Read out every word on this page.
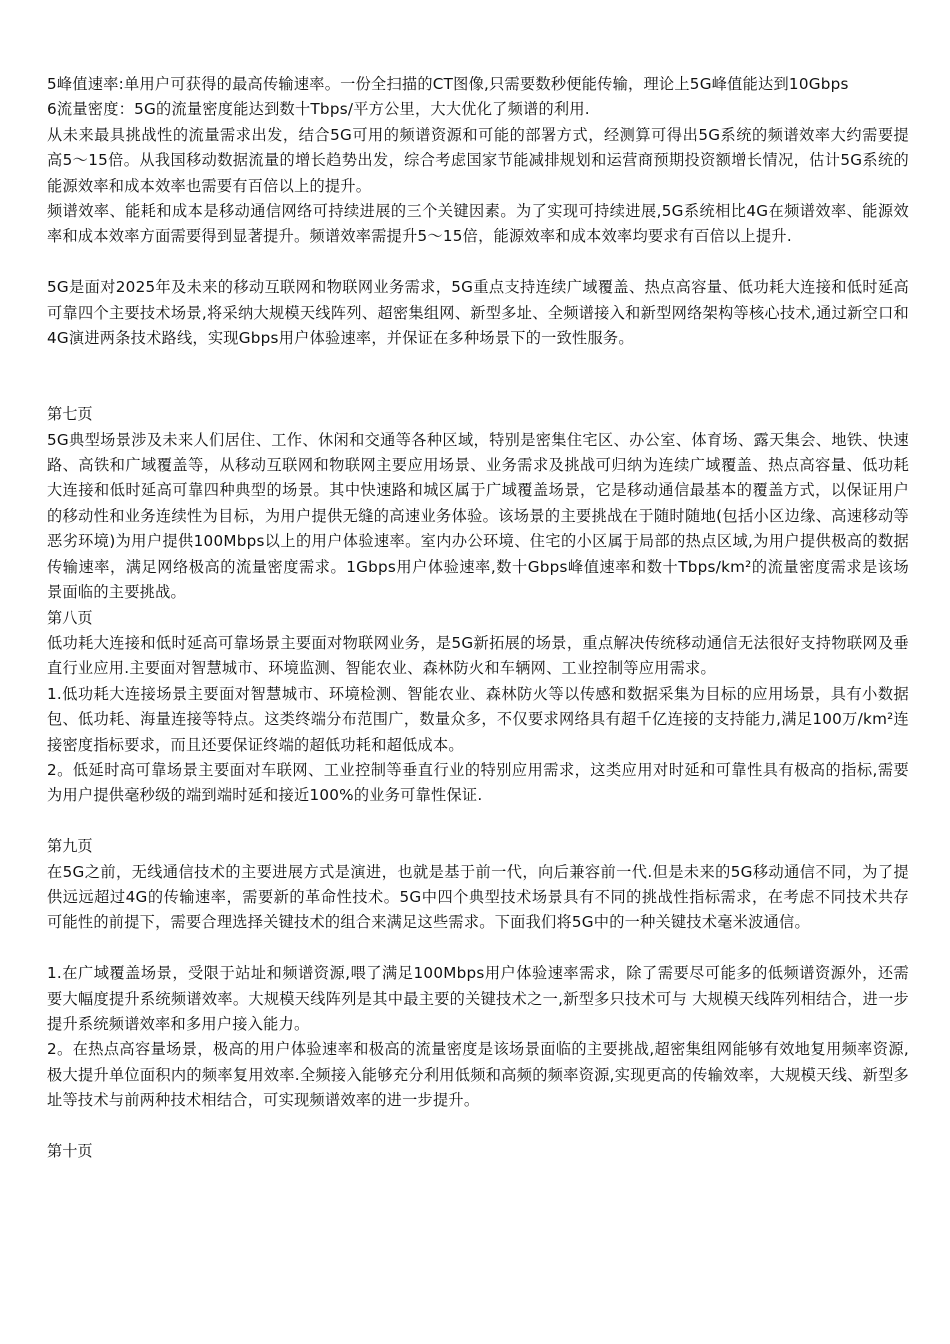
5峰值速率:单用户可获得的最高传输速率。一份全扫描的CT图像,只需要数秒便能传输，理论上5G峰值能达到10Gbps

6流量密度：5G的流量密度能达到数十Tbps/平方公里，大大优化了频谱的利用.

从未来最具挑战性的流量需求出发，结合5G可用的频谱资源和可能的部署方式，经测算可得出5G系统的频谱效率大约需要提高5～15倍。从我国移动数据流量的增长趋势出发，综合考虑国家节能减排规划和运营商预期投资额增长情况，估计5G系统的能源效率和成本效率也需要有百倍以上的提升。

频谱效率、能耗和成本是移动通信网络可持续进展的三个关键因素。为了实现可持续进展,5G系统相比4G在频谱效率、能源效率和成本效率方面需要得到显著提升。频谱效率需提升5～15倍，能源效率和成本效率均要求有百倍以上提升.

5G是面对2025年及未来的移动互联网和物联网业务需求，5G重点支持连续广域覆盖、热点高容量、低功耗大连接和低时延高可靠四个主要技术场景,将采纳大规模天线阵列、超密集组网、新型多址、全频谱接入和新型网络架构等核心技术,通过新空口和4G演进两条技术路线，实现Gbps用户体验速率，并保证在多种场景下的一致性服务。

第七页

5G典型场景涉及未来人们居住、工作、休闲和交通等各种区域，特别是密集住宅区、办公室、体育场、露天集会、地铁、快速路、高铁和广域覆盖等，从移动互联网和物联网主要应用场景、业务需求及挑战可归纳为连续广域覆盖、热点高容量、低功耗大连接和低时延高可靠四种典型的场景。其中快速路和城区属于广域覆盖场景，它是移动通信最基本的覆盖方式，以保证用户的移动性和业务连续性为目标，为用户提供无缝的高速业务体验。该场景的主要挑战在于随时随地(包括小区边缘、高速移动等恶劣环境)为用户提供100Mbps以上的用户体验速率。室内办公环境、住宅的小区属于局部的热点区域,为用户提供极高的数据传输速率，满足网络极高的流量密度需求。1Gbps用户体验速率,数十Gbps峰值速率和数十Tbps/km²的流量密度需求是该场景面临的主要挑战。

第八页

低功耗大连接和低时延高可靠场景主要面对物联网业务，是5G新拓展的场景，重点解决传统移动通信无法很好支持物联网及垂直行业应用.主要面对智慧城市、环境监测、智能农业、森林防火和车辆网、工业控制等应用需求。

1.低功耗大连接场景主要面对智慧城市、环境检测、智能农业、森林防火等以传感和数据采集为目标的应用场景，具有小数据包、低功耗、海量连接等特点。这类终端分布范围广，数量众多，不仅要求网络具有超千亿连接的支持能力,满足100万/km²连接密度指标要求，而且还要保证终端的超低功耗和超低成本。

2。低延时高可靠场景主要面对车联网、工业控制等垂直行业的特别应用需求，这类应用对时延和可靠性具有极高的指标,需要为用户提供毫秒级的端到端时延和接近100%的业务可靠性保证.

第九页

在5G之前，无线通信技术的主要进展方式是演进，也就是基于前一代，向后兼容前一代.但是未来的5G移动通信不同，为了提供远远超过4G的传输速率，需要新的革命性技术。5G中四个典型技术场景具有不同的挑战性指标需求，在考虑不同技术共存可能性的前提下，需要合理选择关键技术的组合来满足这些需求。下面我们将5G中的一种关键技术毫米波通信。

1.在广域覆盖场景，受限于站址和频谱资源,喂了满足100Mbps用户体验速率需求，除了需要尽可能多的低频谱资源外，还需要大幅度提升系统频谱效率。大规模天线阵列是其中最主要的关键技术之一,新型多只技术可与 大规模天线阵列相结合，进一步提升系统频谱效率和多用户接入能力。

2。在热点高容量场景，极高的用户体验速率和极高的流量密度是该场景面临的主要挑战,超密集组网能够有效地复用频率资源,极大提升单位面积内的频率复用效率.全频接入能够充分利用低频和高频的频率资源,实现更高的传输效率，大规模天线、新型多址等技术与前两种技术相结合，可实现频谱效率的进一步提升。

第十页
